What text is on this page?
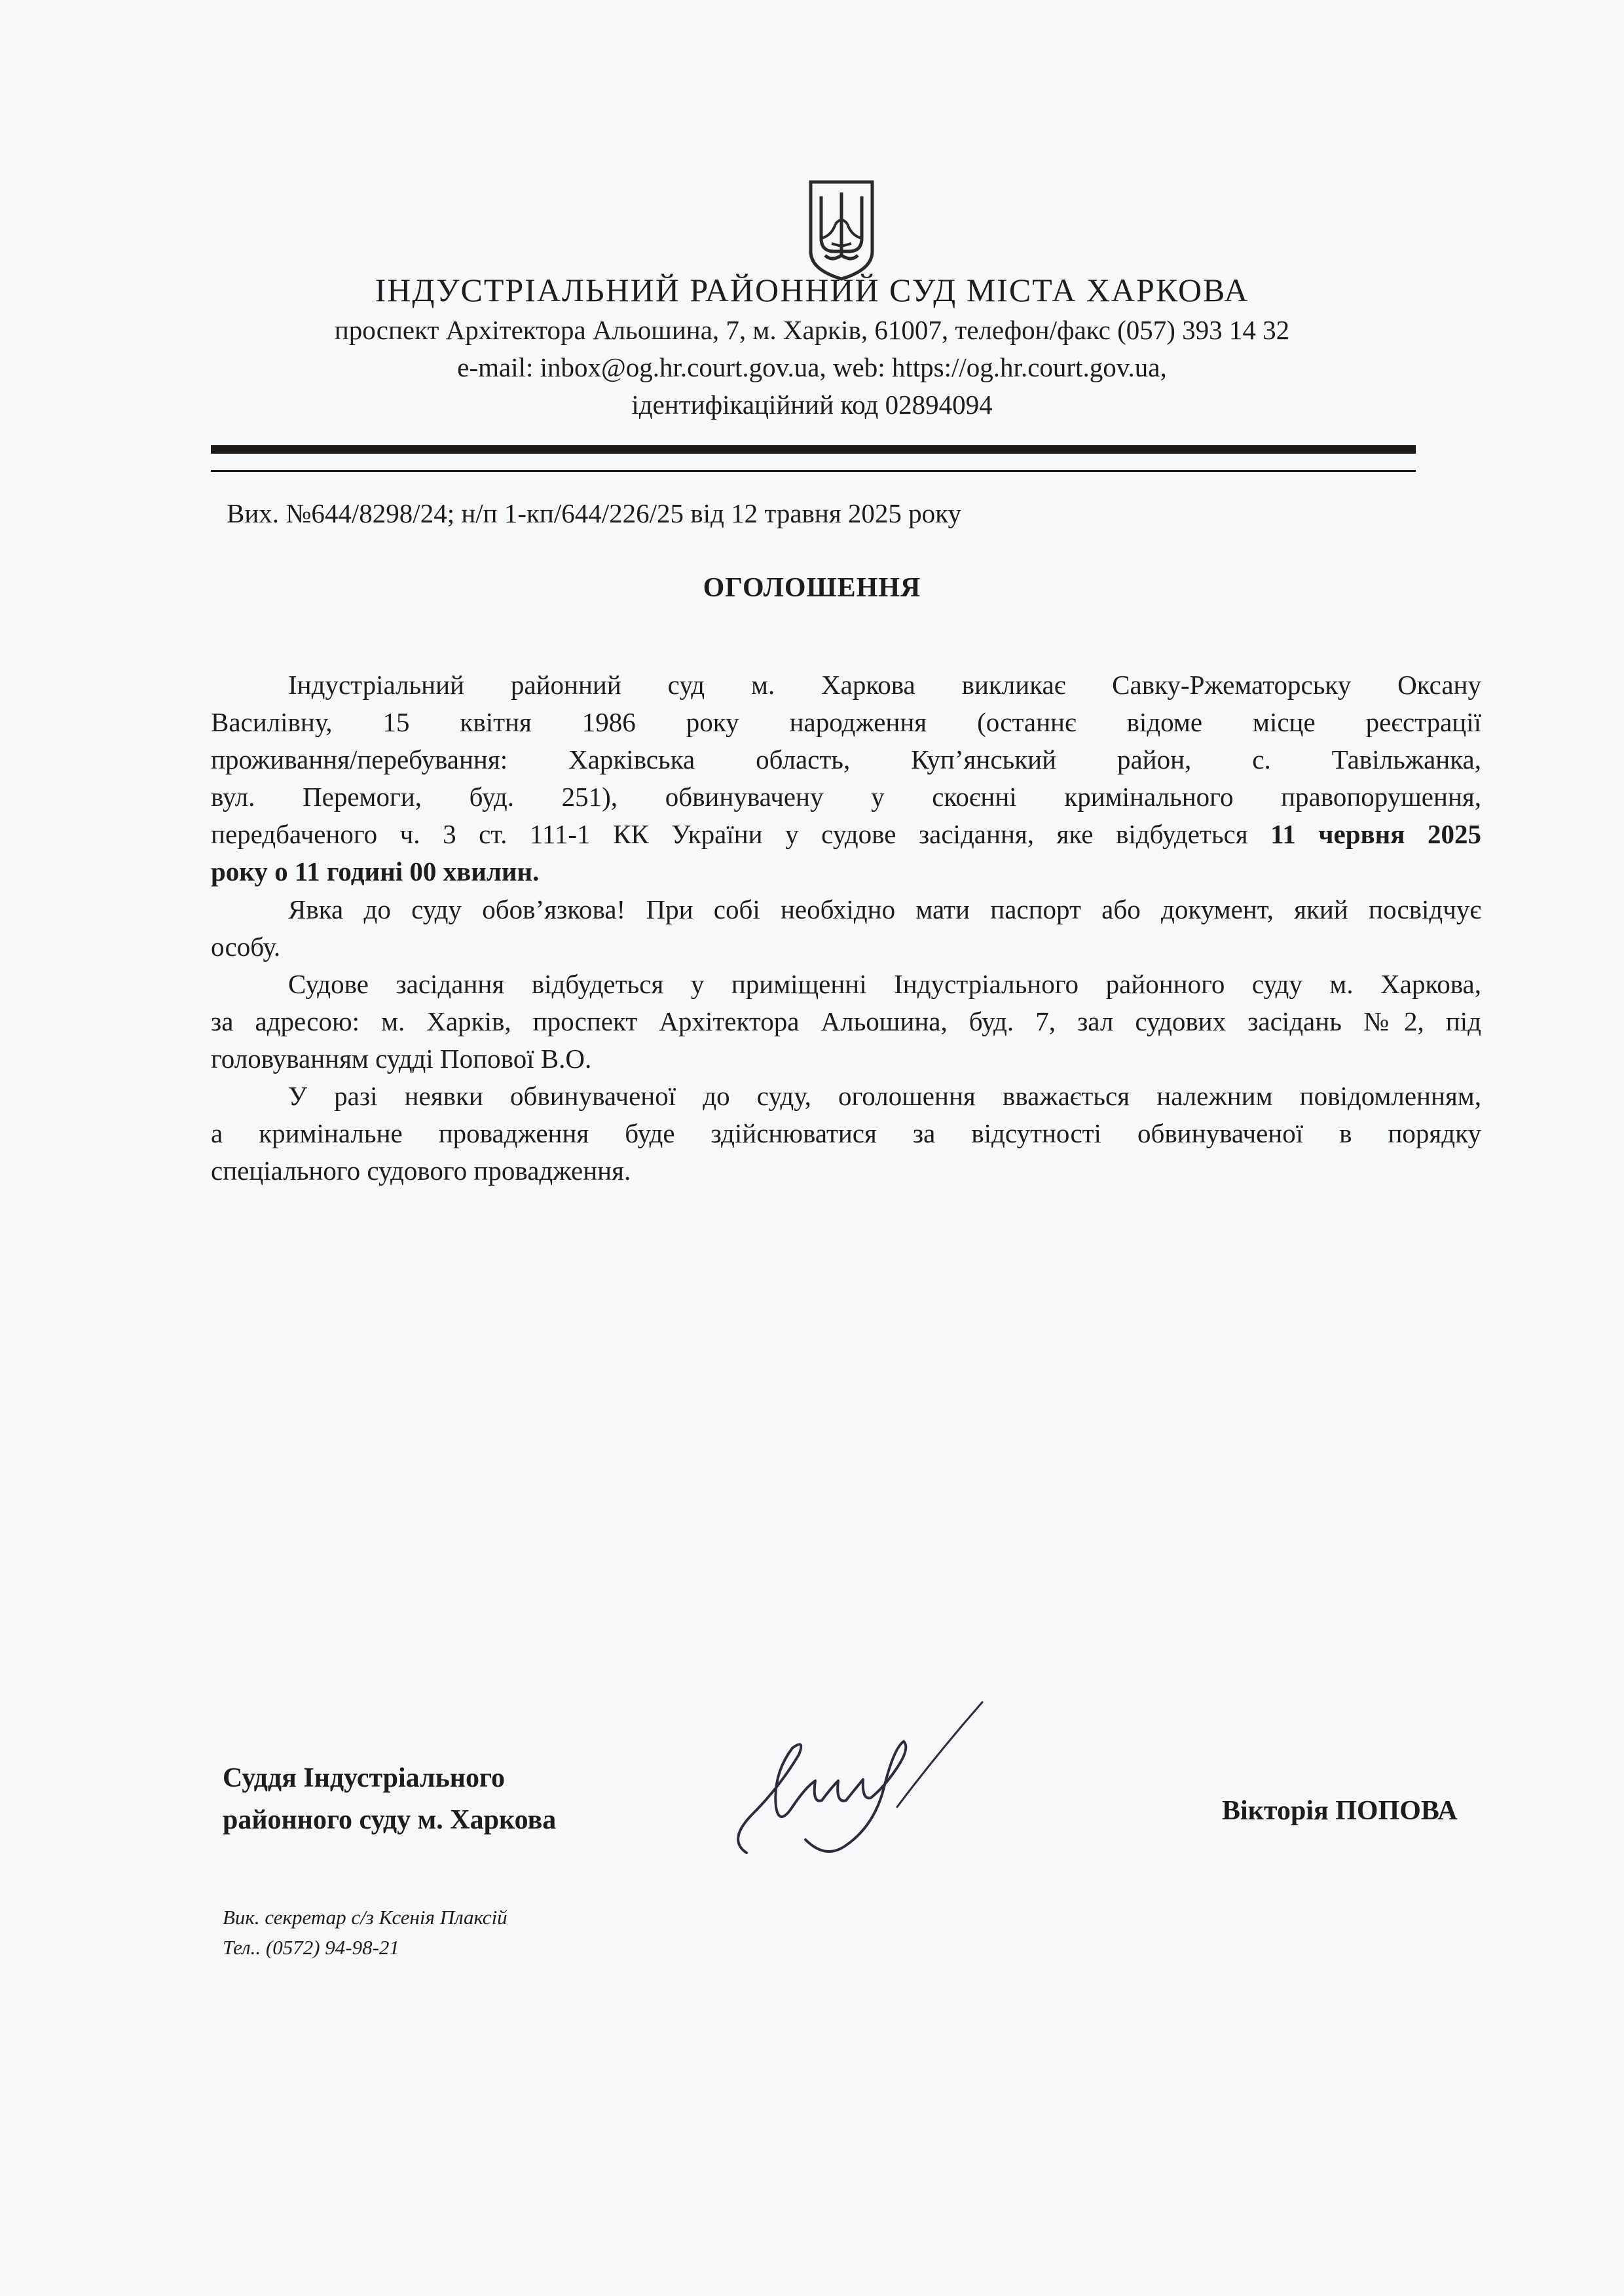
ІНДУСТРІАЛЬНИЙ РАЙОННИЙ СУД МІСТА ХАРКОВА
проспект Архітектора Альошина, 7, м. Харків, 61007, телефон/факс (057) 393 14 32
e-mail: inbox@og.hr.court.gov.ua, web: https://og.hr.court.gov.ua,
ідентифікаційний код 02894094
Вих. №644/8298/24; н/п 1-кп/644/226/25 від 12 травня 2025 року
ОГОЛОШЕННЯ
Індустріальний районний суд м. Харкова викликає Савку-Ржематорську Оксану
Василівну, 15 квітня 1986 року народження (останнє відоме місце реєстрації
проживання/перебування: Харківська область, Куп’янський район, с. Тавільжанка,
вул. Перемоги, буд. 251), обвинувачену у скоєнні кримінального правопорушення,
передбаченого ч. 3 ст. 111-1 КК України у судове засідання, яке відбудеться 11 червня 2025
року о 11 годині 00 хвилин.
Явка до суду обов’язкова! При собі необхідно мати паспорт або документ, який посвідчує
особу.
Судове засідання відбудеться у приміщенні Індустріального районного суду м. Харкова,
за адресою: м. Харків, проспект Архітектора Альошина, буд. 7, зал судових засідань №2, під
головуванням судді Попової В.О.
У разі неявки обвинуваченої до суду, оголошення вважається належним повідомленням,
а кримінальне провадження буде здійснюватися за відсутності обвинуваченої в порядку
спеціального судового провадження.
Суддя Індустріального
районного суду м. Харкова	Вікторія ПОПОВА
Вик. секретар с/з Ксенія Плаксій
Тел.. (0572) 94-98-21
